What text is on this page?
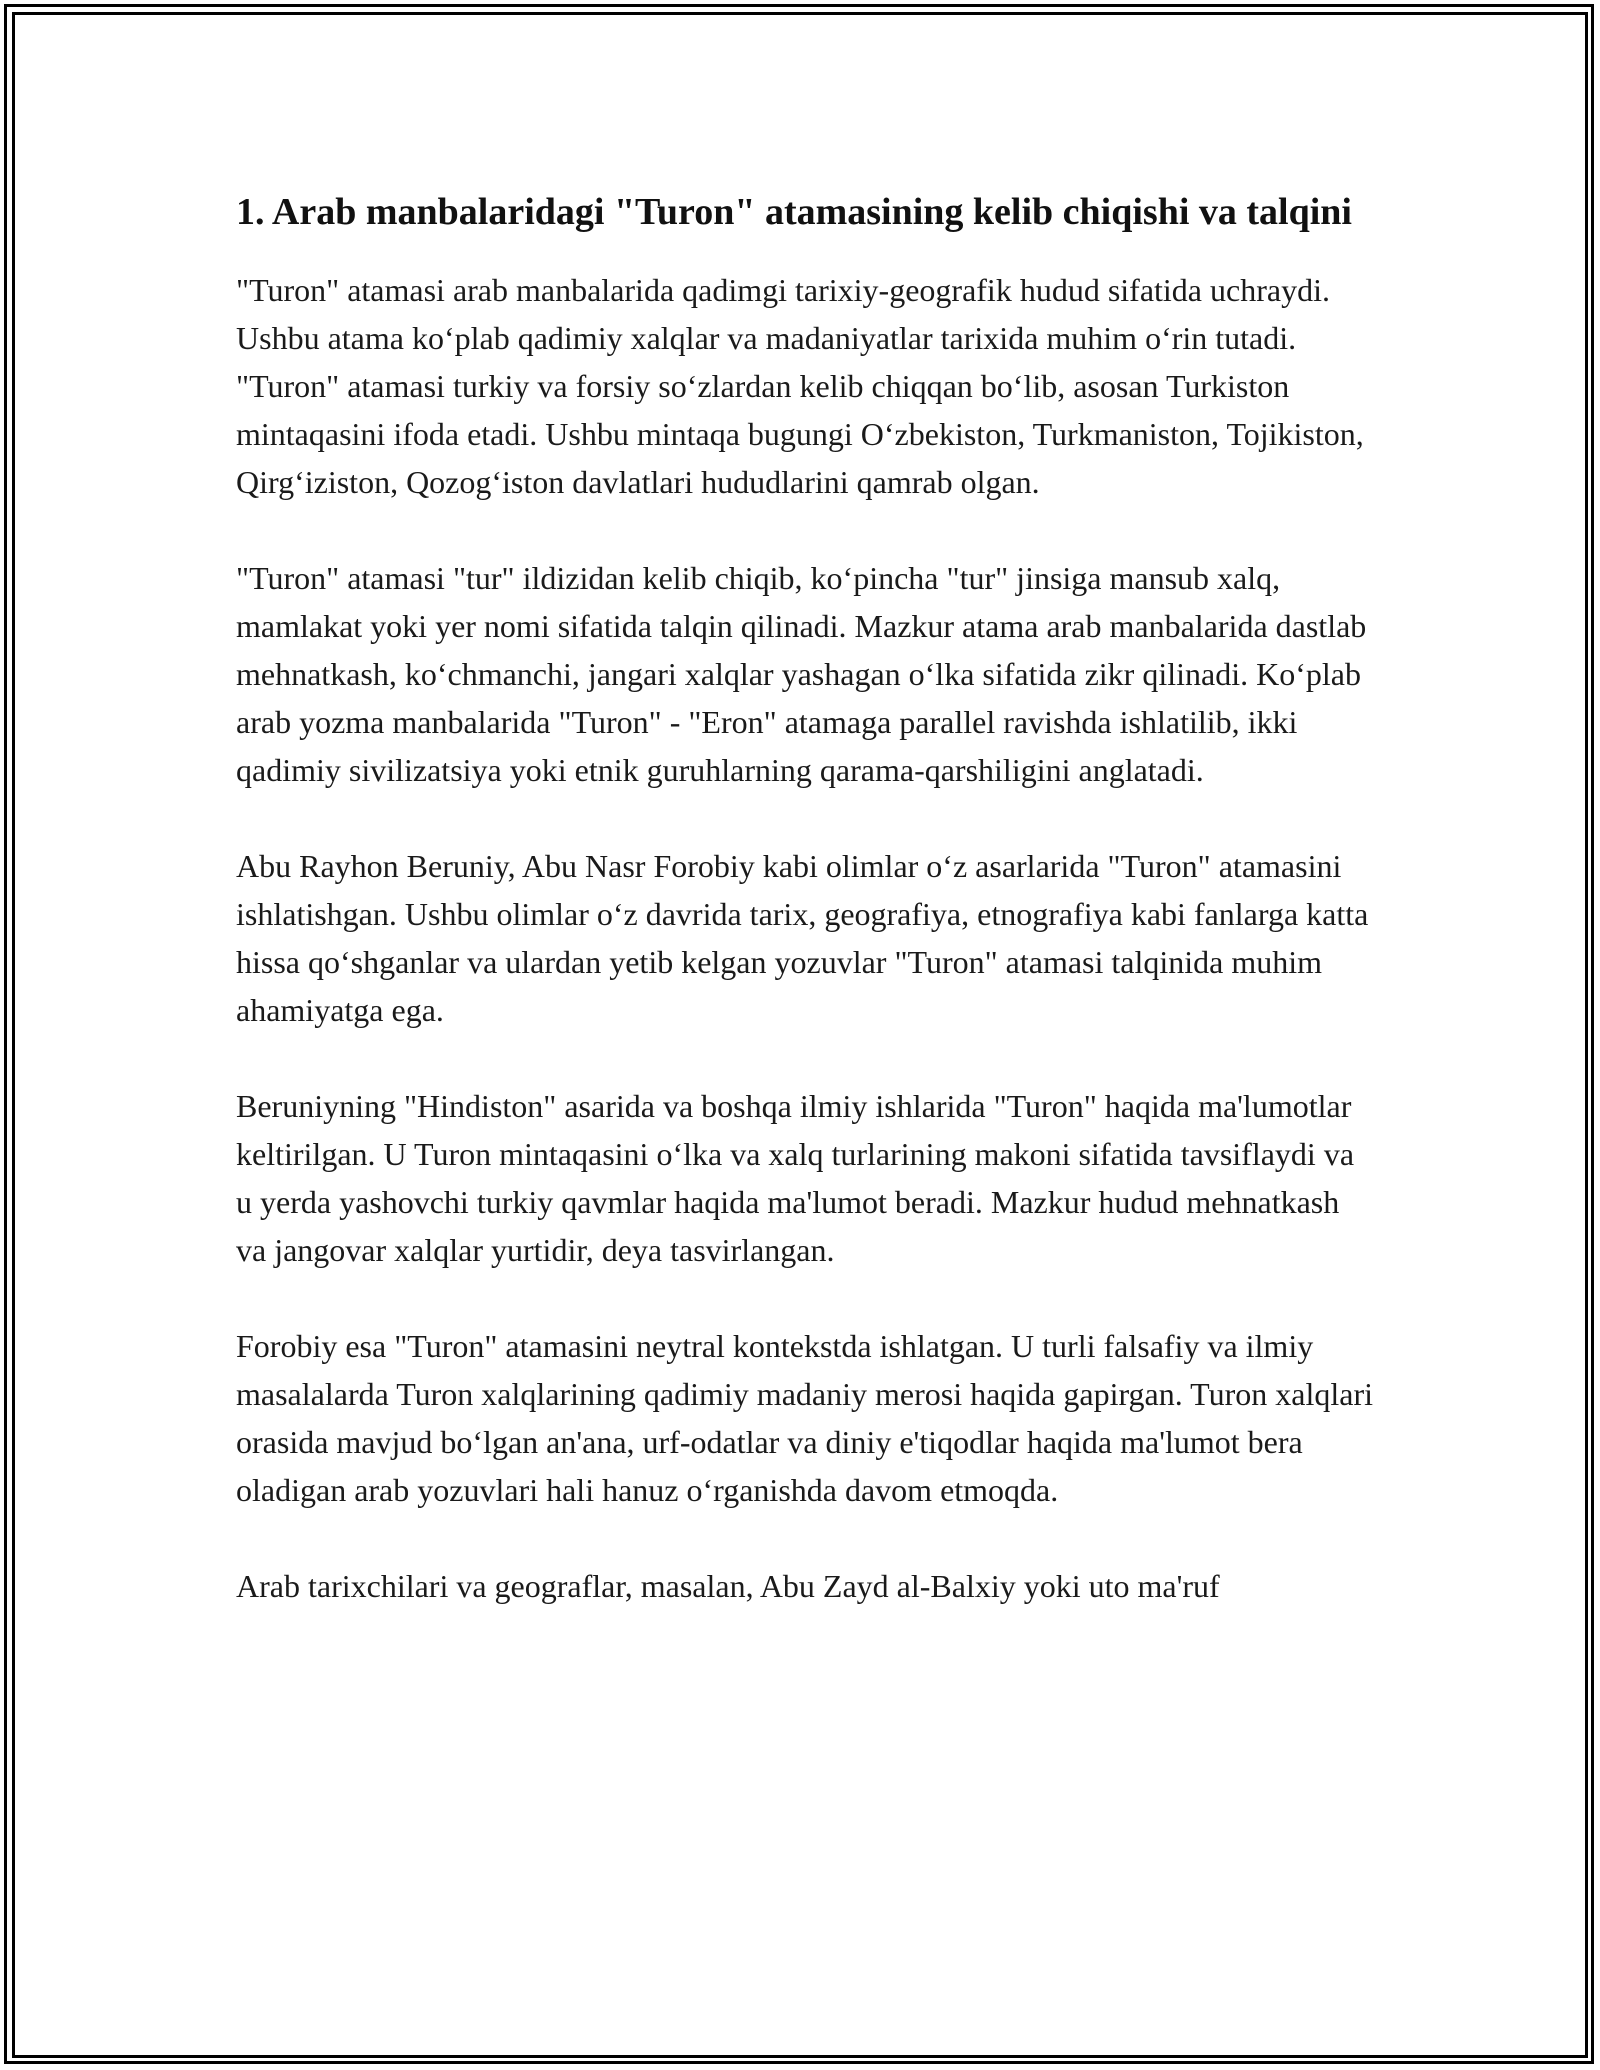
1. Arab manbalaridagi "Turon" atamasining kelib chiqishi va talqini

"Turon" atamasi arab manbalarida qadimgi tarixiy-geografik hudud sifatida uchraydi. Ushbu atama koʻplab qadimiy xalqlar va madaniyatlar tarixida muhim oʻrin tutadi. "Turon" atamasi turkiy va forsiy soʻzlardan kelib chiqqan boʻlib, asosan Turkiston mintaqasini ifoda etadi. Ushbu mintaqa bugungi Oʻzbekiston, Turkmaniston, Tojikiston, Qirgʻiziston, Qozogʻiston davlatlari hududlarini qamrab olgan.

"Turon" atamasi "tur" ildizidan kelib chiqib, koʻpincha "tur" jinsiga mansub xalq, mamlakat yoki yer nomi sifatida talqin qilinadi. Mazkur atama arab manbalarida dastlab mehnatkash, koʻchmanchi, jangari xalqlar yashagan oʻlka sifatida zikr qilinadi. Koʻplab arab yozma manbalarida "Turon" - "Eron" atamaga parallel ravishda ishlatilib, ikki qadimiy sivilizatsiya yoki etnik guruhlarning qarama-qarshiligini anglatadi.

Abu Rayhon Beruniy, Abu Nasr Forobiy kabi olimlar oʻz asarlarida "Turon" atamasini ishlatishgan. Ushbu olimlar oʻz davrida tarix, geografiya, etnografiya kabi fanlarga katta hissa qoʻshganlar va ulardan yetib kelgan yozuvlar "Turon" atamasi talqinida muhim ahamiyatga ega.

Beruniyning "Hindiston" asarida va boshqa ilmiy ishlarida "Turon" haqida ma'lumotlar keltirilgan. U Turon mintaqasini oʻlka va xalq turlarining makoni sifatida tavsiflaydi va u yerda yashovchi turkiy qavmlar haqida ma'lumot beradi. Mazkur hudud mehnatkash va jangovar xalqlar yurtidir, deya tasvirlangan.

Forobiy esa "Turon" atamasini neytral kontekstda ishlatgan. U turli falsafiy va ilmiy masalalarda Turon xalqlarining qadimiy madaniy merosi haqida gapirgan. Turon xalqlari orasida mavjud boʻlgan an'ana, urf-odatlar va diniy e'tiqodlar haqida ma'lumot bera oladigan arab yozuvlari hali hanuz oʻrganishda davom etmoqda.

Arab tarixchilari va geograflar, masalan, Abu Zayd al-Balxiy yoki uto ma'ruf
